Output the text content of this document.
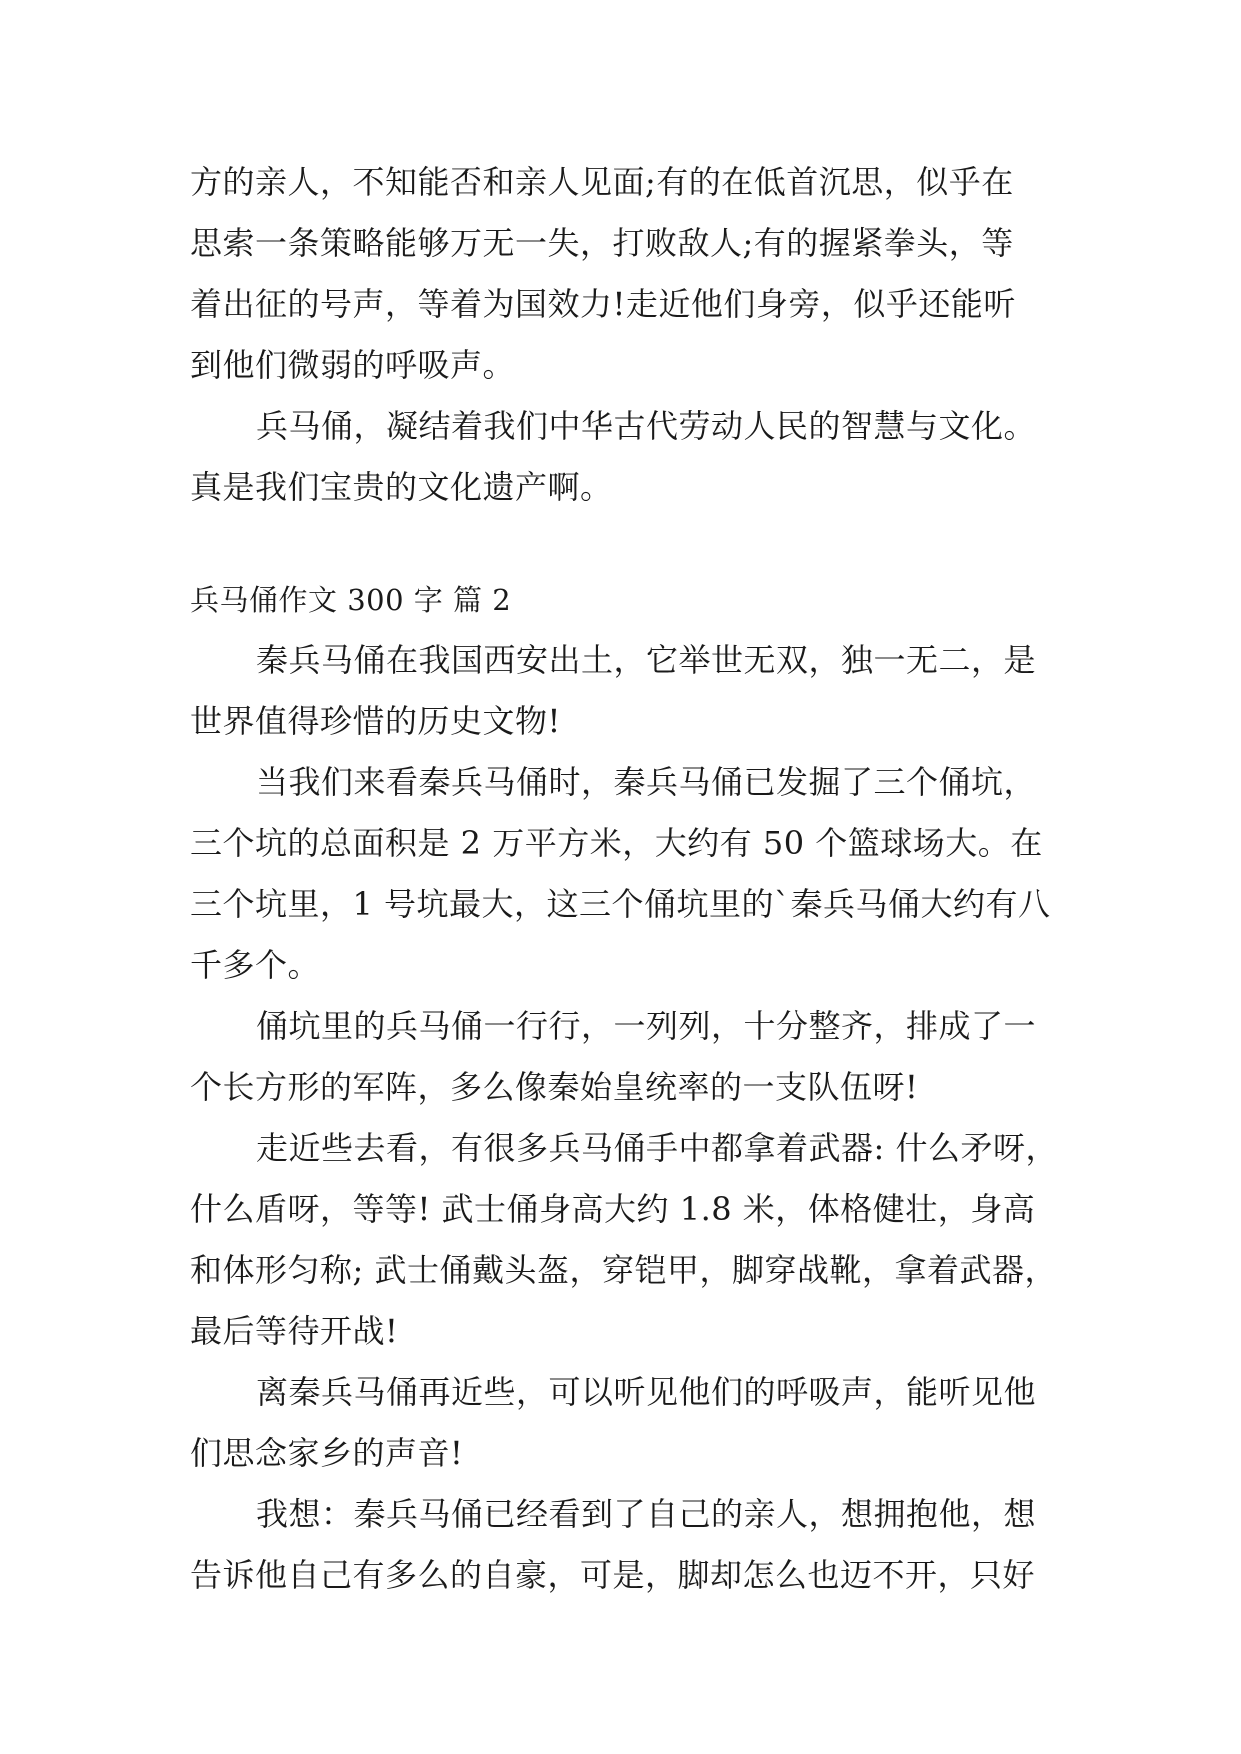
方的亲人，不知能否和亲人见面;有的在低首沉思，似乎在
思索一条策略能够万无一失，打败敌人;有的握紧拳头，等
着出征的号声，等着为国效力!走近他们身旁，似乎还能听
到他们微弱的呼吸声。
兵马俑，凝结着我们中华古代劳动人民的智慧与文化。
真是我们宝贵的文化遗产啊。
兵马俑作文 300 字 篇 2
秦兵马俑在我国西安出土，它举世无双，独一无二，是
世界值得珍惜的历史文物!
当我们来看秦兵马俑时，秦兵马俑已发掘了三个俑坑，
三个坑的总面积是 2 万平方米，大约有 50 个篮球场大。在
三个坑里，1 号坑最大，这三个俑坑里的`秦兵马俑大约有八
千多个。
俑坑里的兵马俑一行行，一列列，十分整齐，排成了一
个长方形的军阵，多么像秦始皇统率的一支队伍呀!
走近些去看，有很多兵马俑手中都拿着武器: 什么矛呀，
什么盾呀，等等! 武士俑身高大约 1.8 米，体格健壮，身高
和体形匀称; 武士俑戴头盔，穿铠甲，脚穿战靴，拿着武器，
最后等待开战!
离秦兵马俑再近些，可以听见他们的呼吸声，能听见他
们思念家乡的声音!
我想：秦兵马俑已经看到了自己的亲人，想拥抱他，想
告诉他自己有多么的自豪，可是，脚却怎么也迈不开，只好
